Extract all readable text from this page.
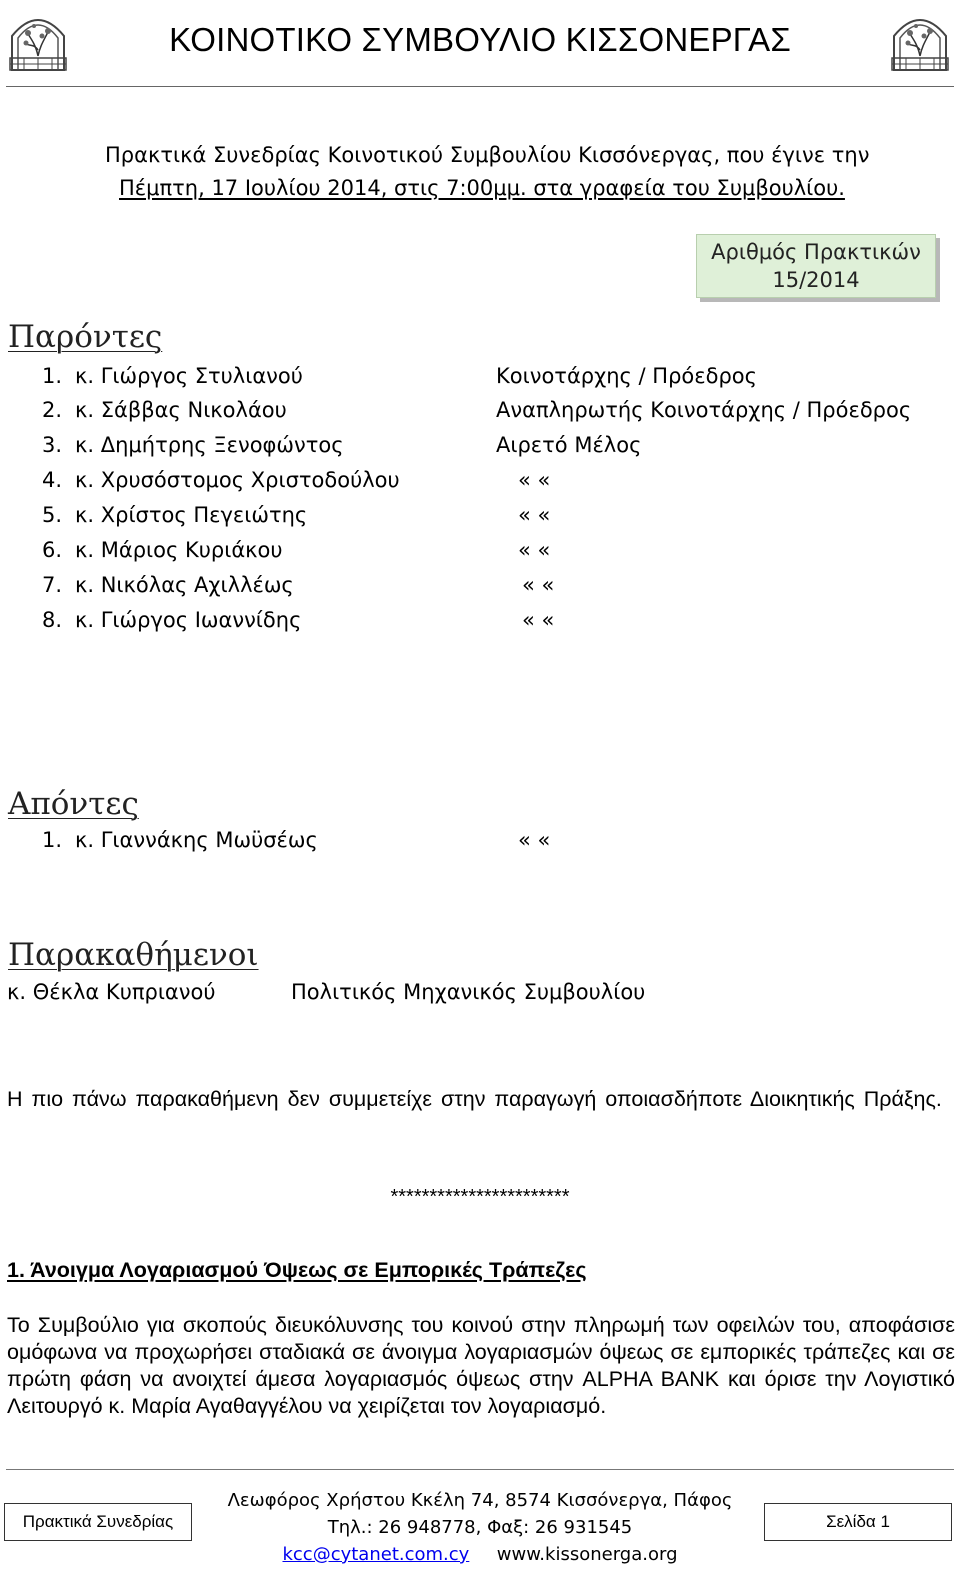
ΚΟΙΝΟΤΙΚΟ ΣΥΜΒΟΥΛΙΟ ΚΙΣΣΟΝΕΡΓΑΣ
Πρακτικά Συνεδρίας Κοινοτικού Συμβουλίου Κισσόνεργας, που έγινε την
Πέμπτη, 17 Ιουλίου 2014, στις 7:00μμ. στα γραφεία του Συμβουλίου.
Αριθμός Πρακτικών
15/2014
Παρόντες
1. κ. Γιώργος Στυλιανού	Κοινοτάρχης / Πρόεδρος
2. κ. Σάββας Νικολάου	Αναπληρωτής Κοινοτάρχης / Πρόεδρος
3. κ. Δημήτρης Ξενοφώντος	Αιρετό Μέλος
4. κ. Χρυσόστομος Χριστοδούλου	« «
5. κ. Χρίστος Πεγειώτης	« «
6. κ. Μάριος Κυριάκου	« «
7. κ. Νικόλας Αχιλλέως	« «
8. κ. Γιώργος Ιωαννίδης	« «
Απόντες
1. κ. Γιαννάκης Μωϋσέως	« «
Παρακαθήμενοι
κ. Θέκλα Κυπριανού	Πολιτικός Μηχανικός Συμβουλίου
Η πιο πάνω παρακαθήμενη δεν συμμετείχε στην παραγωγή οποιασδήποτε Διοικητικής Πράξης.
***********************
1. Άνοιγμα Λογαριασμού Όψεως σε Εμπορικές Τράπεζες
Το Συμβούλιο για σκοπούς διευκόλυνσης του κοινού στην πληρωμή των οφειλών του, αποφάσισε ομόφωνα να προχωρήσει σταδιακά σε άνοιγμα λογαριασμών όψεως σε εμπορικές τράπεζες και σε πρώτη φάση να ανοιχτεί άμεσα λογαριασμός όψεως στην ALPHA BANK και όρισε την Λογιστικό Λειτουργό κ. Μαρία Αγαθαγγέλου να χειρίζεται τον λογαριασμό.
Πρακτικά Συνεδρίας
Λεωφόρος Χρήστου Κκέλη 74, 8574 Κισσόνεργα, Πάφος
Τηλ.: 26 948778, Φαξ: 26 931545
kcc@cytanet.com.cy www.kissonerga.org
Σελίδα 1
